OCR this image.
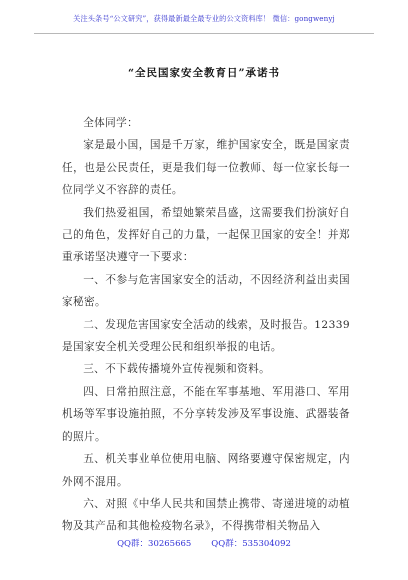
关注头条号“公文研究”，获得最新最全最专业的公文资料库！ 微信：gongwenyj
“全民国家安全教育日”承诺书

全体同学：

家是最小国，国是千万家，维护国家安全，既是国家责任，也是公民责任，更是我们每一位教师、每一位家长每一位同学义不容辞的责任。

我们热爱祖国，希望她繁荣昌盛，这需要我们扮演好自己的角色，发挥好自己的力量，一起保卫国家的安全！并郑重承诺坚决遵守一下要求：

一、不参与危害国家安全的活动，不因经济利益出卖国家秘密。

二、发现危害国家安全活动的线索，及时报告。12339是国家安全机关受理公民和组织举报的电话。

三、不下载传播境外宣传视频和资料。

四、日常拍照注意，不能在军事基地、军用港口、军用机场等军事设施拍照，不分享转发涉及军事设施、武器装备的照片。

五、机关事业单位使用电脑、网络要遵守保密规定，内外网不混用。

六、对照《中华人民共和国禁止携带、寄递进境的动植物及其产品和其他检疫物名录》，不得携带相关物品入

QQ群：30265665 QQ群：535304092
